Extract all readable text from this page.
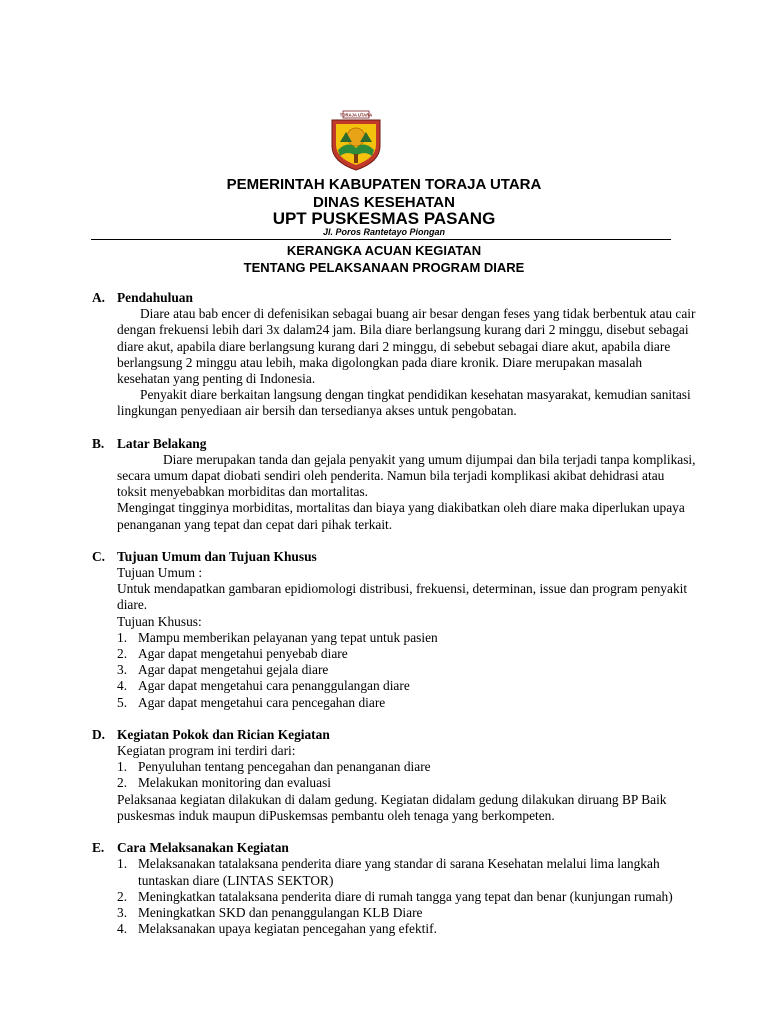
TORAJA UTARA
PEMERINTAH KABUPATEN TORAJA UTARA
DINAS KESEHATAN
UPT PUSKESMAS PASANG
Jl. Poros Rantetayo Piongan
KERANGKA ACUAN KEGIATAN
TENTANG PELAKSANAAN PROGRAM DIARE
A. Pendahuluan

Diare atau bab encer di defenisikan sebagai buang air besar dengan feses yang tidak berbentuk atau cair dengan frekuensi lebih dari 3x dalam24 jam. Bila diare berlangsung kurang dari 2 minggu, disebut sebagai diare akut, apabila diare berlangsung kurang dari 2 minggu, di sebebut sebagai diare akut, apabila diare berlangsung 2 minggu atau lebih, maka digolongkan pada diare kronik. Diare merupakan masalah kesehatan yang penting di Indonesia.

Penyakit diare berkaitan langsung dengan tingkat pendidikan kesehatan masyarakat, kemudian sanitasi lingkungan penyediaan air bersih dan tersedianya akses untuk pengobatan.

B. Latar Belakang

Diare merupakan tanda dan gejala penyakit yang umum dijumpai dan bila terjadi tanpa komplikasi, secara umum dapat diobati sendiri oleh penderita. Namun bila terjadi komplikasi akibat dehidrasi atau toksit menyebabkan morbiditas dan mortalitas.

Mengingat tingginya morbiditas, mortalitas dan biaya yang diakibatkan oleh diare maka diperlukan upaya penanganan yang tepat dan cepat dari pihak terkait.

C. Tujuan Umum dan Tujuan Khusus

Tujuan Umum :

Untuk mendapatkan gambaran epidiomologi distribusi, frekuensi, determinan, issue dan program penyakit diare.

Tujuan Khusus:

1. Mampu memberikan pelayanan yang tepat untuk pasien
2. Agar dapat mengetahui penyebab diare
3. Agar dapat mengetahui gejala diare
4. Agar dapat mengetahui cara penanggulangan diare
5. Agar dapat mengetahui cara pencegahan diare
D. Kegiatan Pokok dan Rician Kegiatan

Kegiatan program ini terdiri dari:

1. Penyuluhan tentang pencegahan dan penanganan diare
2. Melakukan monitoring dan evaluasi

Pelaksanaa kegiatan dilakukan di dalam gedung. Kegiatan didalam gedung dilakukan diruang BP Baik puskesmas induk maupun diPuskemsas pembantu oleh tenaga yang berkompeten.

E. Cara Melaksanakan Kegiatan
1. Melaksanakan tatalaksana penderita diare yang standar di sarana Kesehatan melalui lima langkah tuntaskan diare (LINTAS SEKTOR)
2. Meningkatkan tatalaksana penderita diare di rumah tangga yang tepat dan benar (kunjungan rumah)
3. Meningkatkan SKD dan penanggulangan KLB Diare
4. Melaksanakan upaya kegiatan pencegahan yang efektif.
